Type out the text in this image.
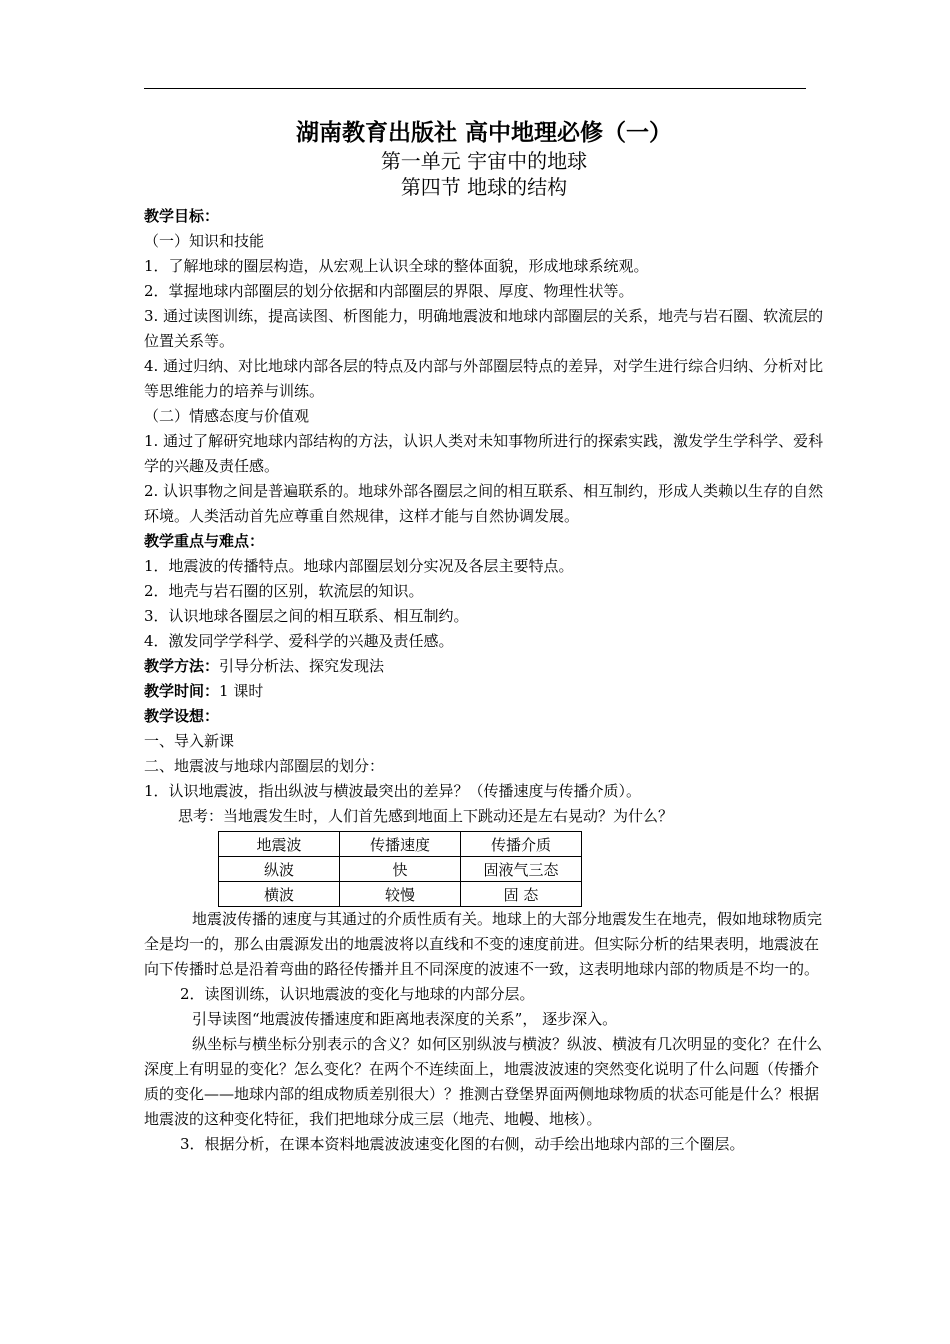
湖南教育出版社 高中地理必修（一）

第一单元 宇宙中的地球

第四节 地球的结构

教学目标：

（一）知识和技能

1．了解地球的圈层构造，从宏观上认识全球的整体面貌，形成地球系统观。

2．掌握地球内部圈层的划分依据和内部圈层的界限、厚度、物理性状等。

3. 通过读图训练，提高读图、析图能力，明确地震波和地球内部圈层的关系，地壳与岩石圈、软流层的位置关系等。

4. 通过归纳、对比地球内部各层的特点及内部与外部圈层特点的差异，对学生进行综合归纳、分析对比等思维能力的培养与训练。

（二）情感态度与价值观

1. 通过了解研究地球内部结构的方法，认识人类对未知事物所进行的探索实践，激发学生学科学、爱科学的兴趣及责任感。

2. 认识事物之间是普遍联系的。地球外部各圈层之间的相互联系、相互制约，形成人类赖以生存的自然环境。人类活动首先应尊重自然规律，这样才能与自然协调发展。

教学重点与难点：

1．地震波的传播特点。地球内部圈层划分实况及各层主要特点。

2．地壳与岩石圈的区别，软流层的知识。

3．认识地球各圈层之间的相互联系、相互制约。

4．激发同学学科学、爱科学的兴趣及责任感。

教学方法：引导分析法、探究发现法

教学时间：1 课时

教学设想：

一、导入新课

二、地震波与地球内部圈层的划分：

1．认识地震波，指出纵波与横波最突出的差异？（传播速度与传播介质）。

思考：当地震发生时，人们首先感到地面上下跳动还是左右晃动？为什么？

地震波	传播速度	传播介质
纵波	快	固液气三态
横波	较慢	固 态

地震波传播的速度与其通过的介质性质有关。地球上的大部分地震发生在地壳，假如地球物质完全是均一的，那么由震源发出的地震波将以直线和不变的速度前进。但实际分析的结果表明，地震波在向下传播时总是沿着弯曲的路径传播并且不同深度的波速不一致，这表明地球内部的物质是不均一的。

2．读图训练，认识地震波的变化与地球的内部分层。

引导读图“地震波传播速度和距离地表深度的关系”， 逐步深入。

纵坐标与横坐标分别表示的含义？如何区别纵波与横波？纵波、横波有几次明显的变化？在什么深度上有明显的变化？怎么变化？在两个不连续面上，地震波波速的突然变化说明了什么问题（传播介质的变化——地球内部的组成物质差别很大）？推测古登堡界面两侧地球物质的状态可能是什么？根据地震波的这种变化特征，我们把地球分成三层（地壳、地幔、地核）。

3．根据分析，在课本资料地震波波速变化图的右侧，动手绘出地球内部的三个圈层。
